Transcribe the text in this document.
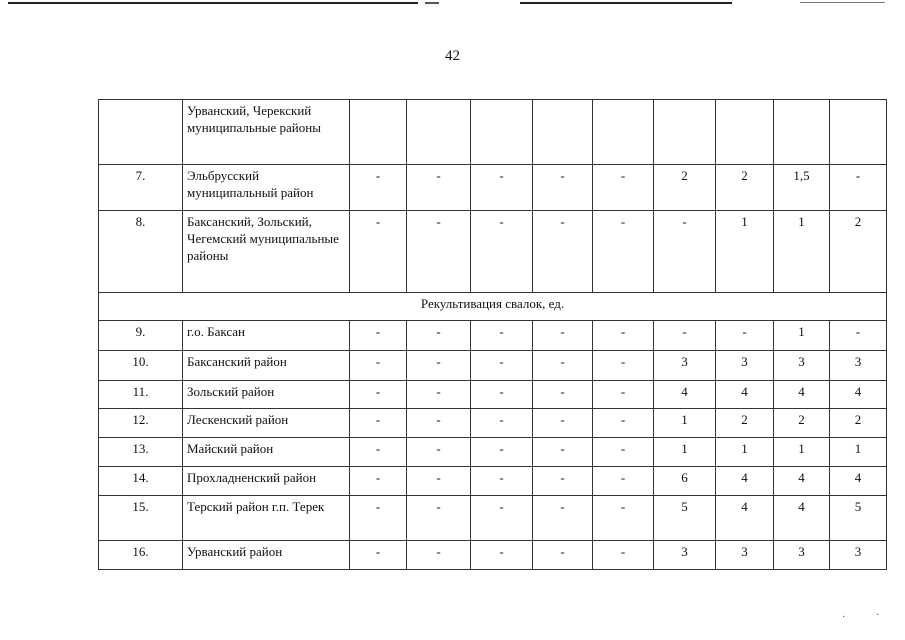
42
	Урванский, Черекский муниципальные районы									
7.	Эльбрусский муниципальный район	-	-	-	-	-	2	2	1,5	-
8.	Баксанский, Зольский, Чегемский муниципальные районы	-	-	-	-	-	-	1	1	2
Рекультивация свалок, ед.										
9.	г.о. Баксан	-	-	-	-	-	-	-	1	-
10.	Баксанский район	-	-	-	-	-	3	3	3	3
11.	Зольский район	-	-	-	-	-	4	4	4	4
12.	Лескенский район	-	-	-	-	-	1	2	2	2
13.	Майский район	-	-	-	-	-	1	1	1	1
14.	Прохладненский район	-	-	-	-	-	6	4	4	4
15.	Терский район г.п. Терек	-	-	-	-	-	5	4	4	5
16.	Урванский район	-	-	-	-	-	3	3	3	3
·	·
